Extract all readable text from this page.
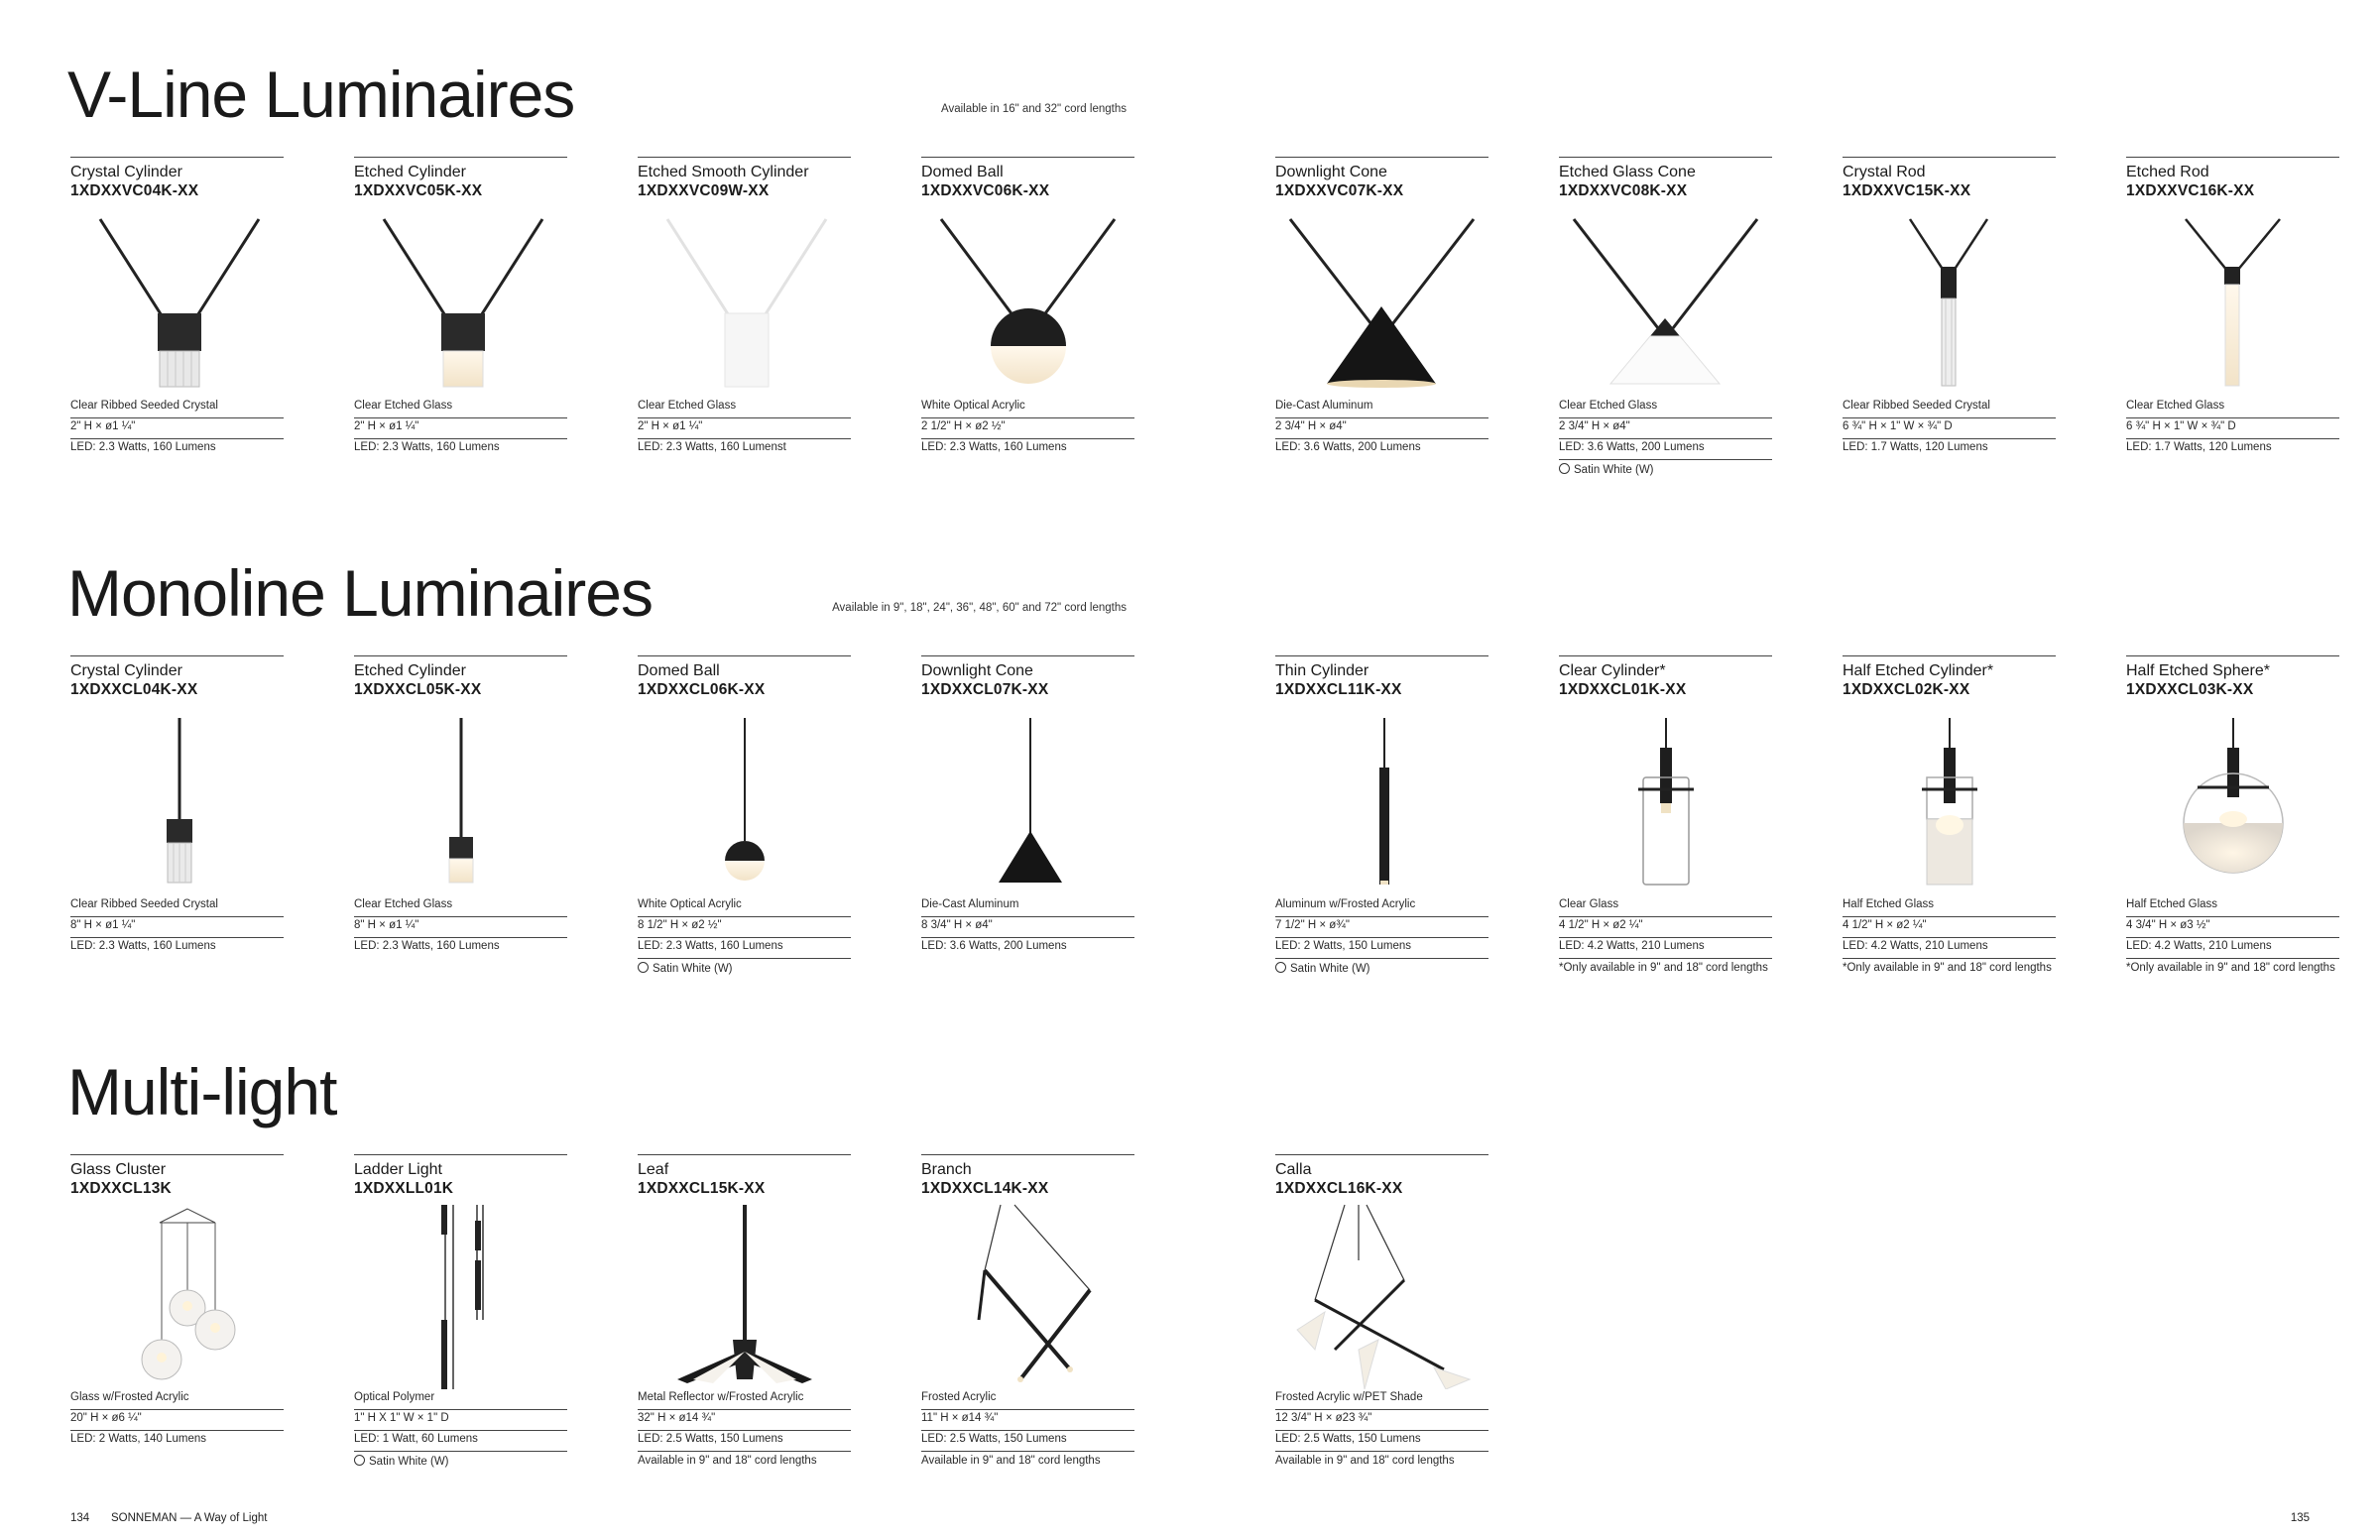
V-Line Luminaires	Available in 16" and 32" cord lengths
Monoline Luminaires	Available in 9", 18", 24", 36", 48", 60" and 72" cord lengths
Multi-light
Crystal Cylinder
1XDXXVC04K-XX
Clear Ribbed Seeded Crystal
2" H × ø1 ¼"
LED: 2.3 Watts, 160 Lumens
Etched Cylinder
1XDXXVC05K-XX
Clear Etched Glass
2" H × ø1 ¼"
LED: 2.3 Watts, 160 Lumens
Etched Smooth Cylinder
1XDXXVC09W-XX
Clear Etched Glass
2" H × ø1 ¼"
LED: 2.3 Watts, 160 Lumenst
Domed Ball
1XDXXVC06K-XX
White Optical Acrylic
2 1/2" H × ø2 ½"
LED: 2.3 Watts, 160 Lumens
Downlight Cone
1XDXXVC07K-XX
Die-Cast Aluminum
2 3/4" H × ø4"
LED: 3.6 Watts, 200 Lumens
Etched Glass Cone
1XDXXVC08K-XX
Clear Etched Glass
2 3/4" H × ø4"
LED: 3.6 Watts, 200 Lumens
Satin White (W)
Crystal Rod
1XDXXVC15K-XX
Clear Ribbed Seeded Crystal
6 ¾" H × 1" W × ¾" D
LED: 1.7 Watts, 120 Lumens
Etched Rod
1XDXXVC16K-XX
Clear Etched Glass
6 ¾" H × 1" W × ¾" D
LED: 1.7 Watts, 120 Lumens
Crystal Cylinder
1XDXXCL04K-XX
Clear Ribbed Seeded Crystal
8" H × ø1 ¼"
LED: 2.3 Watts, 160 Lumens
Etched Cylinder
1XDXXCL05K-XX
Clear Etched Glass
8" H × ø1 ¼"
LED: 2.3 Watts, 160 Lumens
Domed Ball
1XDXXCL06K-XX
White Optical Acrylic
8 1/2" H × ø2 ½"
LED: 2.3 Watts, 160 Lumens
Satin White (W)
Downlight Cone
1XDXXCL07K-XX
Die-Cast Aluminum
8 3/4" H × ø4"
LED: 3.6 Watts, 200 Lumens
Thin Cylinder
1XDXXCL11K-XX
Aluminum w/Frosted Acrylic
7 1/2" H × ø¾"
LED: 2 Watts, 150 Lumens
Satin White (W)
Clear Cylinder*
1XDXXCL01K-XX
Clear Glass
4 1/2" H × ø2 ¼"
LED: 4.2 Watts, 210 Lumens
*Only available in 9" and 18" cord lengths
Half Etched Cylinder*
1XDXXCL02K-XX
Half Etched Glass
4 1/2" H × ø2 ¼"
LED: 4.2 Watts, 210 Lumens
*Only available in 9" and 18" cord lengths
Half Etched Sphere*
1XDXXCL03K-XX
Half Etched Glass
4 3/4" H × ø3 ½"
LED: 4.2 Watts, 210 Lumens
*Only available in 9" and 18" cord lengths
Glass Cluster
1XDXXCL13K
Glass w/Frosted Acrylic
20" H × ø6 ¼"
LED: 2 Watts, 140 Lumens
Ladder Light
1XDXXLL01K
Optical Polymer
1" H X 1" W × 1" D
LED: 1 Watt, 60 Lumens
Satin White (W)
Leaf
1XDXXCL15K-XX
Metal Reflector w/Frosted Acrylic
32" H × ø14 ¾"
LED: 2.5 Watts, 150 Lumens
Available in 9" and 18" cord lengths
Branch
1XDXXCL14K-XX
Frosted Acrylic
11" H × ø14 ¾"
LED: 2.5 Watts, 150 Lumens
Available in 9" and 18" cord lengths
Calla
1XDXXCL16K-XX
Frosted Acrylic w/PET Shade
12 3/4" H × ø23 ¾"
LED: 2.5 Watts, 150 Lumens
Available in 9" and 18" cord lengths
134 SONNEMAN — A Way of Light	135
